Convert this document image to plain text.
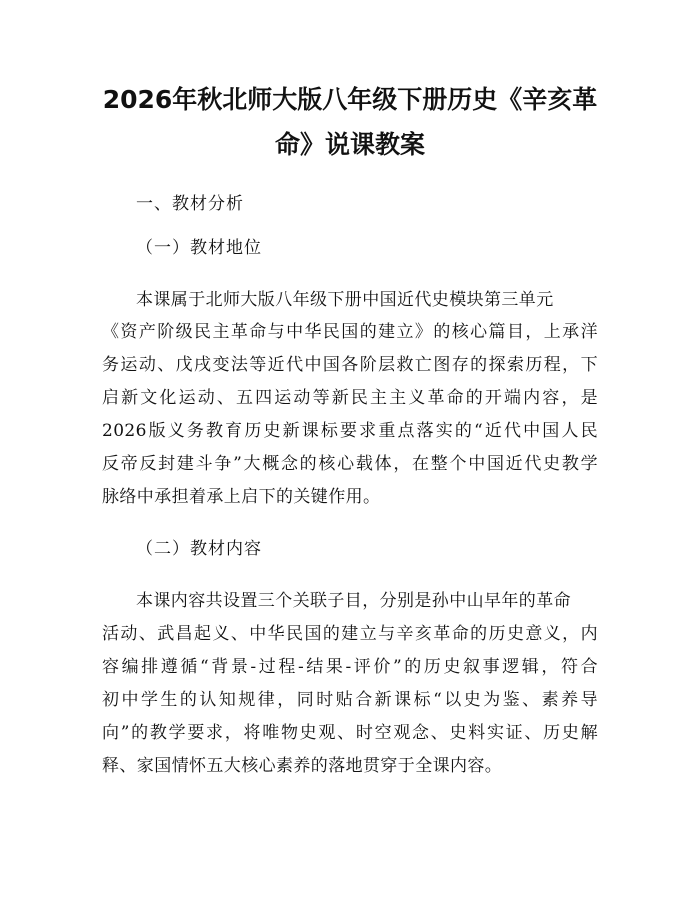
2026年秋北师大版八年级下册历史《辛亥革
命》说课教案

一、教材分析

（一）教材地位

本课属于北师大版八年级下册中国近代史模块第三单元

《资产阶级民主革命与中华民国的建立》的核心篇目，上承洋

务运动、戊戌变法等近代中国各阶层救亡图存的探索历程，下

启新文化运动、五四运动等新民主主义革命的开端内容，是

2026版义务教育历史新课标要求重点落实的“近代中国人民

反帝反封建斗争”大概念的核心载体，在整个中国近代史教学

脉络中承担着承上启下的关键作用。

（二）教材内容

本课内容共设置三个关联子目，分别是孙中山早年的革命

活动、武昌起义、中华民国的建立与辛亥革命的历史意义，内

容编排遵循“背景-过程-结果-评价”的历史叙事逻辑，符合

初中学生的认知规律，同时贴合新课标“以史为鉴、素养导

向”的教学要求，将唯物史观、时空观念、史料实证、历史解

释、家国情怀五大核心素养的落地贯穿于全课内容。
